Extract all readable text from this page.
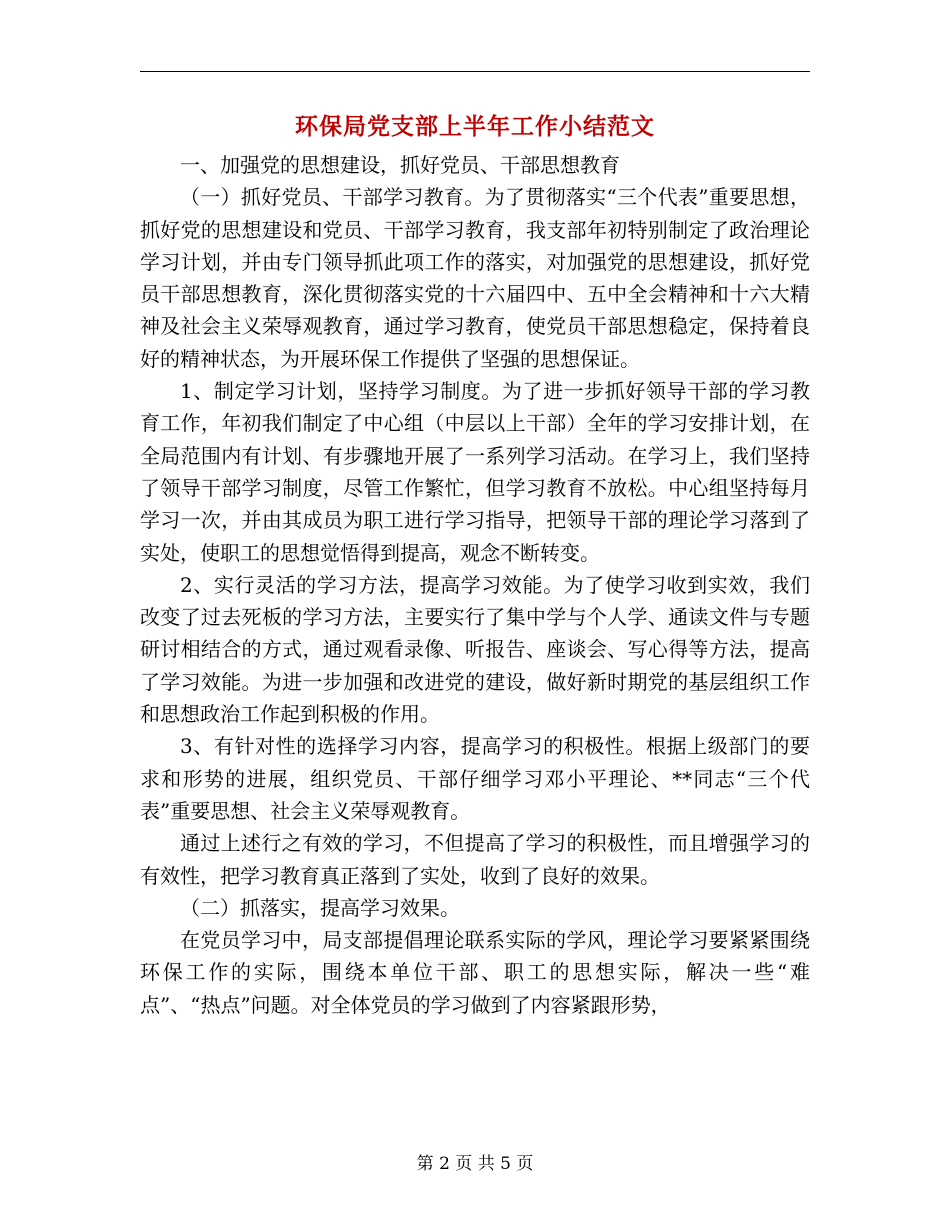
环保局党支部上半年工作小结范文

一、加强党的思想建设，抓好党员、干部思想教育

（一）抓好党员、干部学习教育。为了贯彻落实“三个代表”重要思想，抓好党的思想建设和党员、干部学习教育，我支部年初特别制定了政治理论学习计划，并由专门领导抓此项工作的落实，对加强党的思想建设，抓好党员干部思想教育，深化贯彻落实党的十六届四中、五中全会精神和十六大精神及社会主义荣辱观教育，通过学习教育，使党员干部思想稳定，保持着良好的精神状态，为开展环保工作提供了坚强的思想保证。

1、制定学习计划，坚持学习制度。为了进一步抓好领导干部的学习教育工作，年初我们制定了中心组（中层以上干部）全年的学习安排计划，在全局范围内有计划、有步骤地开展了一系列学习活动。在学习上，我们坚持了领导干部学习制度，尽管工作繁忙，但学习教育不放松。中心组坚持每月学习一次，并由其成员为职工进行学习指导，把领导干部的理论学习落到了实处，使职工的思想觉悟得到提高，观念不断转变。

2、实行灵活的学习方法，提高学习效能。为了使学习收到实效，我们改变了过去死板的学习方法，主要实行了集中学与个人学、通读文件与专题研讨相结合的方式，通过观看录像、听报告、座谈会、写心得等方法，提高了学习效能。为进一步加强和改进党的建设，做好新时期党的基层组织工作和思想政治工作起到积极的作用。

3、有针对性的选择学习内容，提高学习的积极性。根据上级部门的要求和形势的进展，组织党员、干部仔细学习邓小平理论、**同志“三个代表”重要思想、社会主义荣辱观教育。

通过上述行之有效的学习，不但提高了学习的积极性，而且增强学习的有效性，把学习教育真正落到了实处，收到了良好的效果。

（二）抓落实，提高学习效果。

在党员学习中，局支部提倡理论联系实际的学风，理论学习要紧紧围绕环保工作的实际，围绕本单位干部、职工的思想实际，解决一些“难点”、“热点”问题。对全体党员的学习做到了内容紧跟形势，

第 2 页 共 5 页
